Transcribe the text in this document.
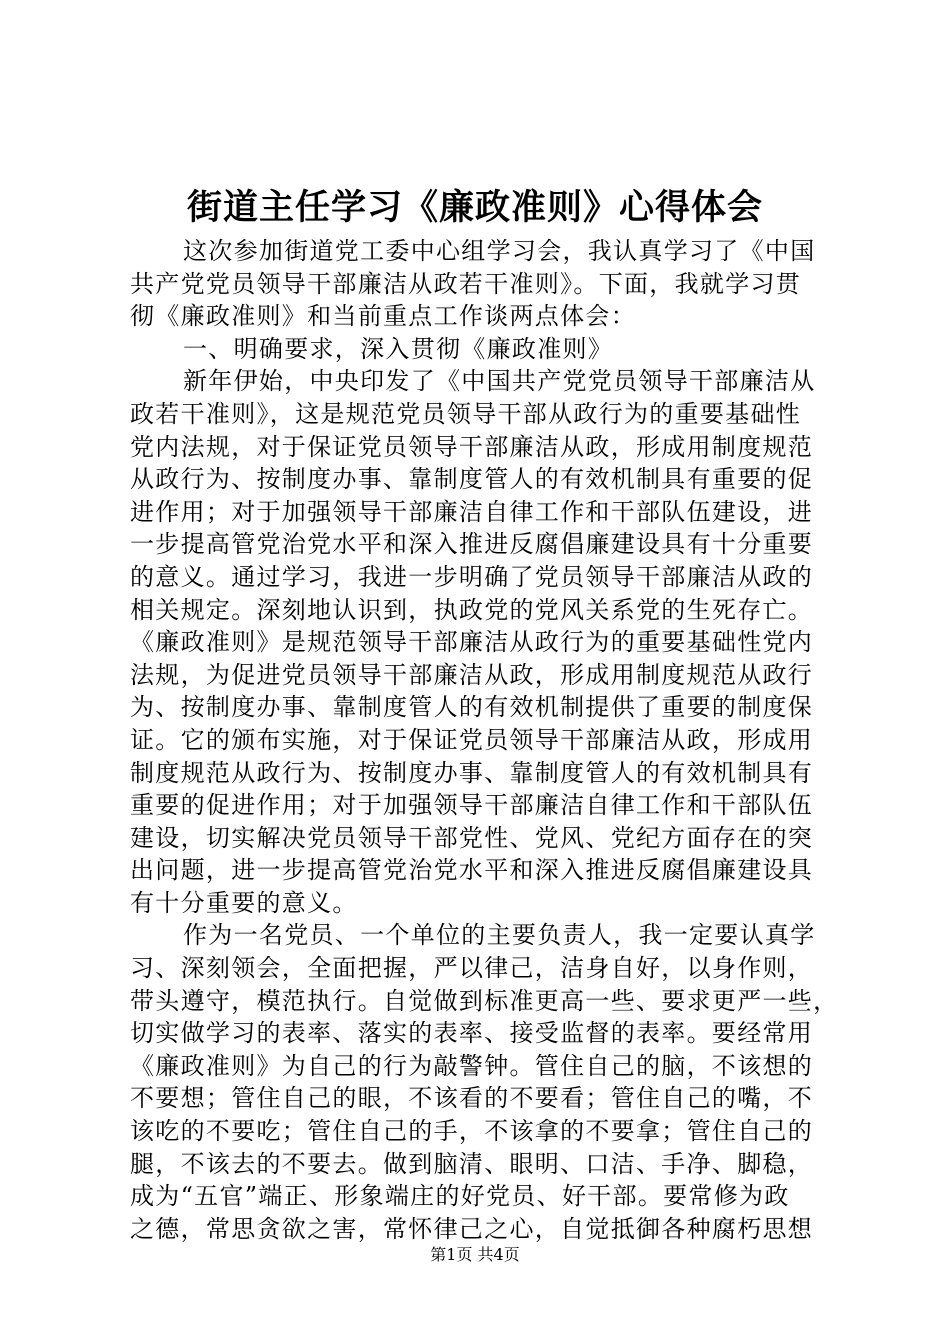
街道主任学习《廉政准则》心得体会
这次参加街道党工委中心组学习会，我认真学习了《中国
共产党党员领导干部廉洁从政若干准则》。下面，我就学习贯
彻《廉政准则》和当前重点工作谈两点体会：
一、明确要求，深入贯彻《廉政准则》
新年伊始，中央印发了《中国共产党党员领导干部廉洁从
政若干准则》，这是规范党员领导干部从政行为的重要基础性
党内法规，对于保证党员领导干部廉洁从政，形成用制度规范
从政行为、按制度办事、靠制度管人的有效机制具有重要的促
进作用；对于加强领导干部廉洁自律工作和干部队伍建设，进
一步提高管党治党水平和深入推进反腐倡廉建设具有十分重要
的意义。通过学习，我进一步明确了党员领导干部廉洁从政的
相关规定。深刻地认识到，执政党的党风关系党的生死存亡。
《廉政准则》是规范领导干部廉洁从政行为的重要基础性党内
法规，为促进党员领导干部廉洁从政，形成用制度规范从政行
为、按制度办事、靠制度管人的有效机制提供了重要的制度保
证。它的颁布实施，对于保证党员领导干部廉洁从政，形成用
制度规范从政行为、按制度办事、靠制度管人的有效机制具有
重要的促进作用；对于加强领导干部廉洁自律工作和干部队伍
建设，切实解决党员领导干部党性、党风、党纪方面存在的突
出问题，进一步提高管党治党水平和深入推进反腐倡廉建设具
有十分重要的意义。
作为一名党员、一个单位的主要负责人，我一定要认真学
习、深刻领会，全面把握，严以律己，洁身自好，以身作则，
带头遵守，模范执行。自觉做到标准更高一些、要求更严一些，
切实做学习的表率、落实的表率、接受监督的表率。要经常用
《廉政准则》为自己的行为敲警钟。管住自己的脑，不该想的
不要想；管住自己的眼，不该看的不要看；管住自己的嘴，不
该吃的不要吃；管住自己的手，不该拿的不要拿；管住自己的
腿，不该去的不要去。做到脑清、眼明、口洁、手净、脚稳，
成为“五官”端正、形象端庄的好党员、好干部。要常修为政
之德，常思贪欲之害，常怀律己之心，自觉抵御各种腐朽思想
第1页 共4页
